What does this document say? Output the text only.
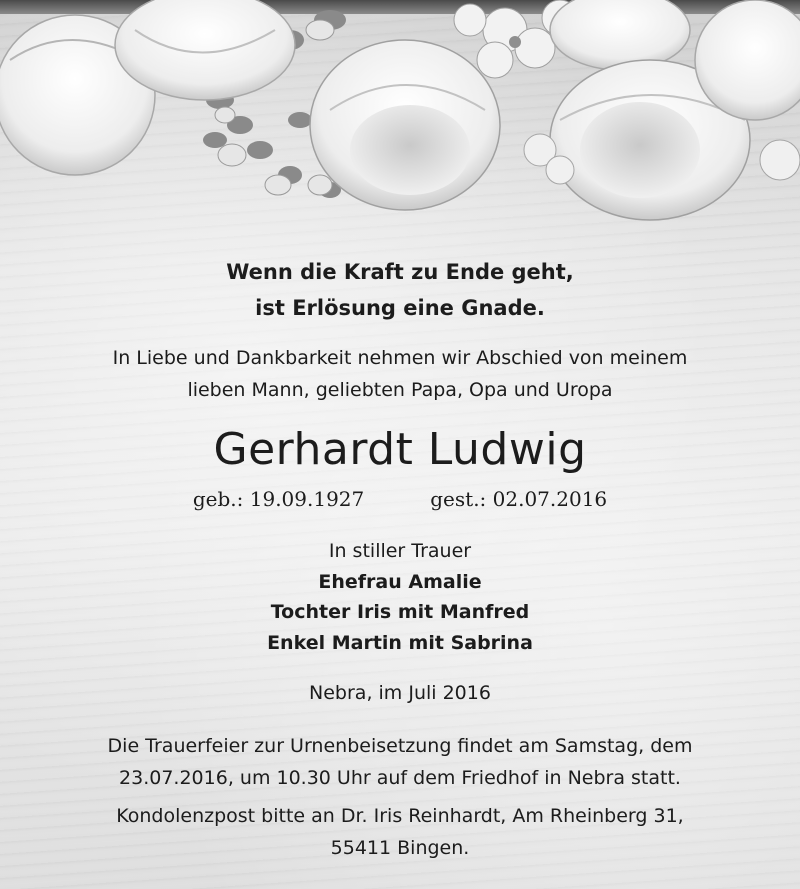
Wenn die Kraft zu Ende geht,
ist Erlösung eine Gnade.
In Liebe und Dankbarkeit nehmen wir Abschied von meinem
lieben Mann, geliebten Papa, Opa und Uropa
Gerhardt Ludwig
geb.: 19.09.1927	gest.: 02.07.2016
In stiller Trauer
Ehefrau Amalie
Tochter Iris mit Manfred
Enkel Martin mit Sabrina
Nebra, im Juli 2016
Die Trauerfeier zur Urnenbeisetzung findet am Samstag, dem
23.07.2016, um 10.30 Uhr auf dem Friedhof in Nebra statt.
Kondolenzpost bitte an Dr. Iris Reinhardt, Am Rheinberg 31,
55411 Bingen.
